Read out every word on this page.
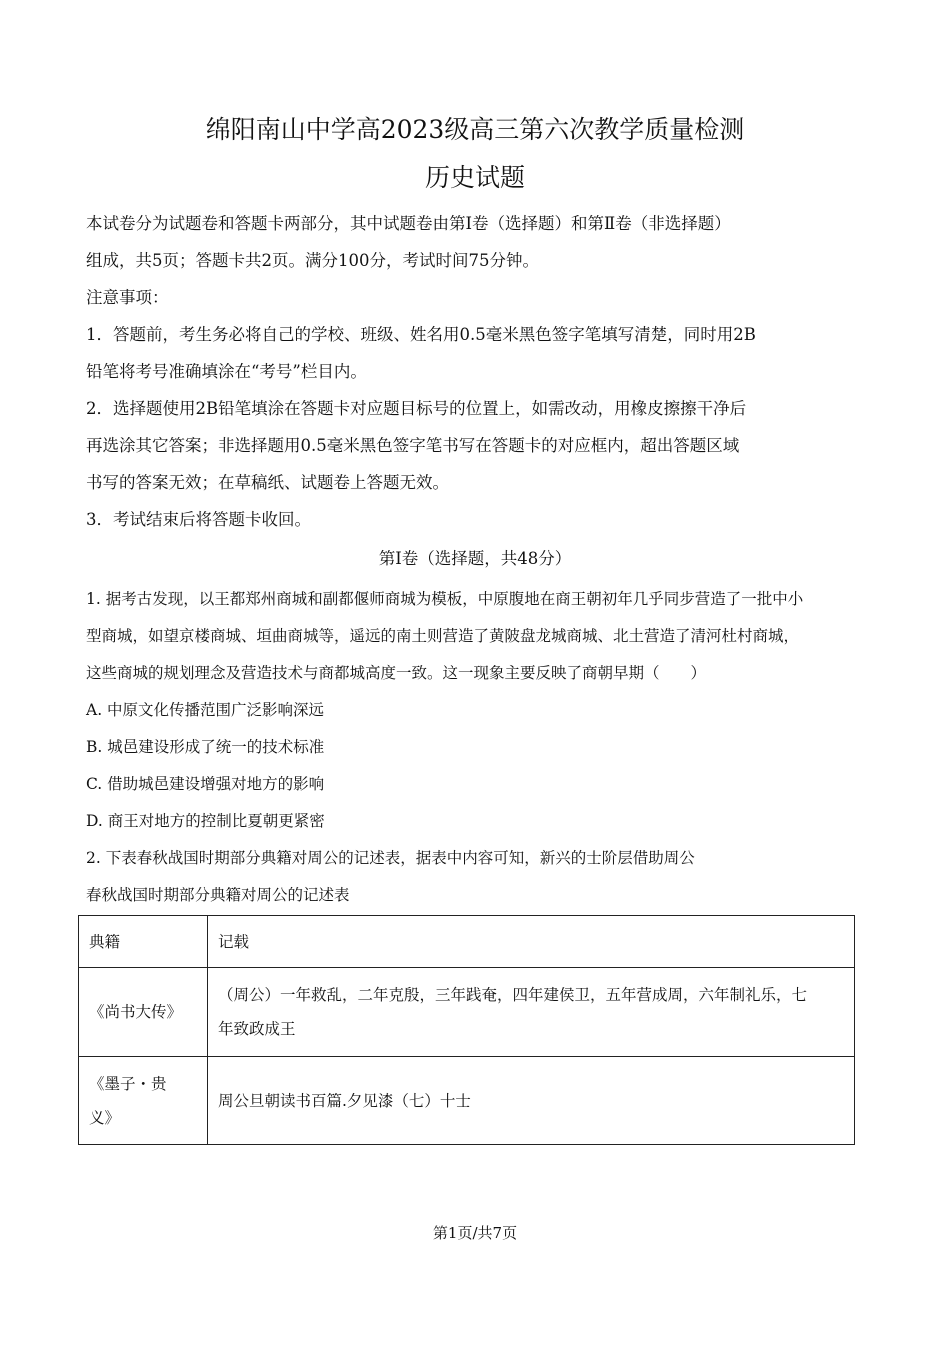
绵阳南山中学高2023级高三第六次教学质量检测
历史试题
本试卷分为试题卷和答题卡两部分，其中试题卷由第Ⅰ卷（选择题）和第Ⅱ卷（非选择题）
组成，共5页；答题卡共2页。满分100分，考试时间75分钟。
注意事项：
1．答题前，考生务必将自己的学校、班级、姓名用0.5毫米黑色签字笔填写清楚，同时用2B
铅笔将考号准确填涂在“考号”栏目内。
2．选择题使用2B铅笔填涂在答题卡对应题目标号的位置上，如需改动，用橡皮擦擦干净后
再选涂其它答案；非选择题用0.5毫米黑色签字笔书写在答题卡的对应框内，超出答题区域
书写的答案无效；在草稿纸、试题卷上答题无效。
3．考试结束后将答题卡收回。
第Ⅰ卷（选择题，共48分）
1. 据考古发现，以王都郑州商城和副都偃师商城为模板，中原腹地在商王朝初年几乎同步营造了一批中小
型商城，如望京楼商城、垣曲商城等，遥远的南土则营造了黄陂盘龙城商城、北土营造了清河杜村商城，
这些商城的规划理念及营造技术与商都城高度一致。这一现象主要反映了商朝早期（　　）
A. 中原文化传播范围广泛影响深远
B. 城邑建设形成了统一的技术标准
C. 借助城邑建设增强对地方的影响
D. 商王对地方的控制比夏朝更紧密
2. 下表春秋战国时期部分典籍对周公的记述表，据表中内容可知，新兴的士阶层借助周公
春秋战国时期部分典籍对周公的记述表
典籍	记载
《尚书大传》	（周公）一年救乱，二年克殷，三年践奄，四年建侯卫，五年营成周，六年制礼乐，七
年致政成王

《墨子・贵
义》	周公旦朝读书百篇.夕见漆（七）十士
第1页/共7页
